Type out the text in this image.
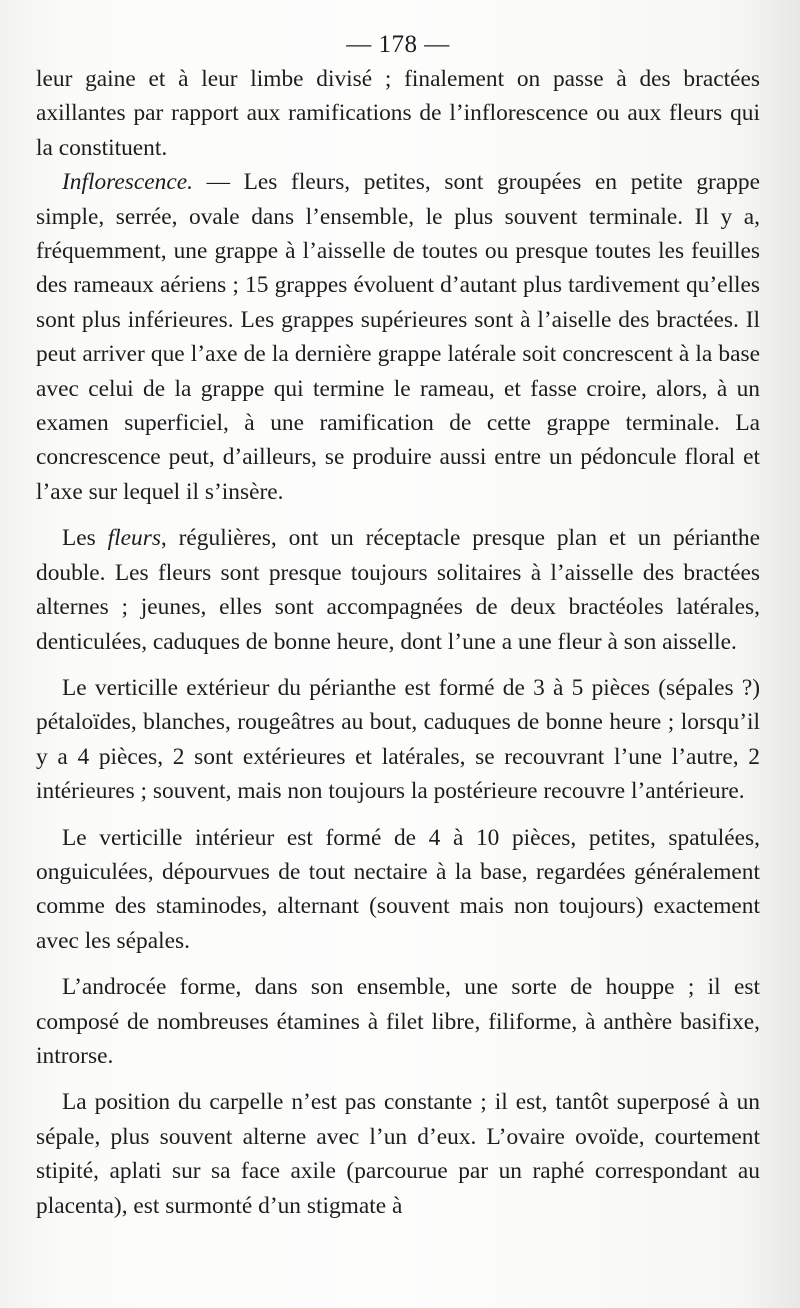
— 178 —

leur gaine et à leur limbe divisé ; finalement on passe à des bractées axillantes par rapport aux ramifications de l’inflorescence ou aux fleurs qui la constituent.

Inflorescence. — Les fleurs, petites, sont groupées en petite grappe simple, serrée, ovale dans l’ensemble, le plus souvent terminale. Il y a, fréquemment, une grappe à l’aisselle de toutes ou presque toutes les feuilles des rameaux aériens ; 15 grappes évoluent d’autant plus tardivement qu’elles sont plus inférieures. Les grappes supérieures sont à l’aiselle des bractées. Il peut arriver que l’axe de la dernière grappe latérale soit concrescent à la base avec celui de la grappe qui termine le rameau, et fasse croire, alors, à un examen superficiel, à une ramification de cette grappe terminale. La concrescence peut, d’ailleurs, se produire aussi entre un pédoncule floral et l’axe sur lequel il s’insère.

Les fleurs, régulières, ont un réceptacle presque plan et un périanthe double. Les fleurs sont presque toujours solitaires à l’aisselle des bractées alternes ; jeunes, elles sont accompagnées de deux bractéoles latérales, denticulées, caduques de bonne heure, dont l’une a une fleur à son aisselle.

Le verticille extérieur du périanthe est formé de 3 à 5 pièces (sépales ?) pétaloïdes, blanches, rougeâtres au bout, caduques de bonne heure ; lorsqu’il y a 4 pièces, 2 sont extérieures et latérales, se recouvrant l’une l’autre, 2 intérieures ; souvent, mais non toujours la postérieure recouvre l’antérieure.

Le verticille intérieur est formé de 4 à 10 pièces, petites, spatulées, onguiculées, dépourvues de tout nectaire à la base, regardées généralement comme des staminodes, alternant (souvent mais non toujours) exactement avec les sépales.

L’androcée forme, dans son ensemble, une sorte de houppe ; il est composé de nombreuses étamines à filet libre, filiforme, à anthère basifixe, introrse.

La position du carpelle n’est pas constante ; il est, tantôt superposé à un sépale, plus souvent alterne avec l’un d’eux. L’ovaire ovoïde, courtement stipité, aplati sur sa face axile (parcourue par un raphé correspondant au placenta), est surmonté d’un stigmate à
